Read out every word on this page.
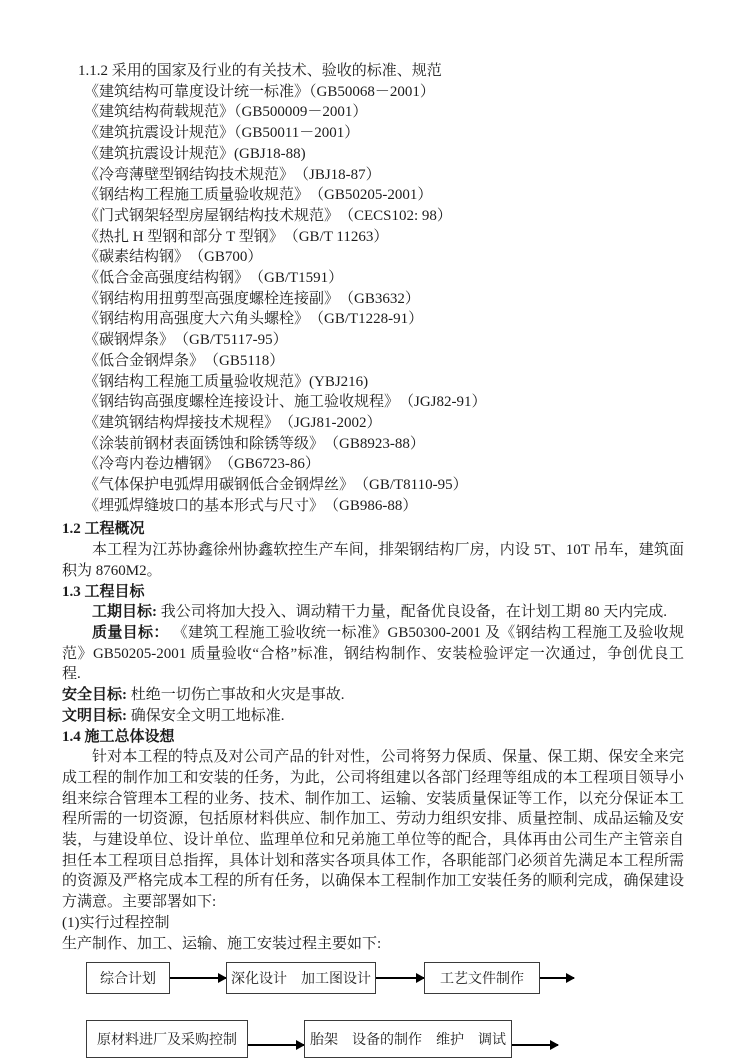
1.1.2 采用的国家及行业的有关技术、验收的标准、规范
《建筑结构可靠度设计统一标准》（GB50068－2001）
《建筑结构荷载规范》（GB500009－2001）
《建筑抗震设计规范》（GB50011－2001）
《建筑抗震设计规范》(GBJ18-88)
《冷弯薄壁型钢结钩技术规范》　（JBJ18-87）
《钢结构工程施工质量验收规范》　（GB50205-2001）
《门式钢架轻型房屋钢结构技术规范》　（CECS102: 98）
《热扎 H 型钢和部分 T 型钢》　（GB/T 11263）
《碳素结构钢》　（GB700）
《低合金高强度结构钢》　（GB/T1591）
《钢结构用扭剪型高强度螺栓连接副》　（GB3632）
《钢结构用高强度大六角头螺栓》　（GB/T1228-91）
《碳钢焊条》　（GB/T5117-95）
《低合金钢焊条》　（GB5118）
《钢结构工程施工质量验收规范》(YBJ216)
《钢结钩高强度螺栓连接设计、施工验收规程》　（JGJ82-91）
《建筑钢结构焊接技术规程》　（JGJ81-2002）
《涂装前钢材表面锈蚀和除锈等级》　（GB8923-88）
《冷弯内卷边槽钢》　（GB6723-86）
《气体保护电弧焊用碳钢低合金钢焊丝》　（GB/T8110-95）
《埋弧焊缝坡口的基本形式与尺寸》　（GB986-88）
1.2 工程概况

本工程为江苏协鑫徐州协鑫软控生产车间，排架钢结构厂房，内设 5T、10T 吊车，建筑面积为 8760M2。

1.3 工程目标

工期目标: 我公司将加大投入、调动精干力量，配备优良设备，在计划工期 80 天内完成.

质量目标： 《建筑工程施工验收统一标准》GB50300-2001 及《钢结构工程施工及验收规范》GB50205-2001 质量验收“合格”标准，钢结构制作、安装检验评定一次通过，争创优良工程.

安全目标: 杜绝一切伤亡事故和火灾是事故.

文明目标: 确保安全文明工地标准.

1.4 施工总体设想

针对本工程的特点及对公司产品的针对性，公司将努力保质、保量、保工期、保安全来完成工程的制作加工和安装的任务，为此，公司将组建以各部门经理等组成的本工程项目领导小组来综合管理本工程的业务、技术、制作加工、运输、安装质量保证等工作，以充分保证本工程所需的一切资源，包括原材料供应、制作加工、劳动力组织安排、质量控制、成品运输及安装，与建设单位、设计单位、监理单位和兄弟施工单位等的配合，具体再由公司生产主管亲自担任本工程项目总指挥，具体计划和落实各项具体工作，各职能部门必须首先满足本工程所需的资源及严格完成本工程的所有任务，以确保本工程制作加工安装任务的顺利完成，确保建设方满意。主要部署如下:

(1)实行过程控制

生产制作、加工、运输、施工安装过程主要如下:

综合计划	深化设计　加工图设计	工艺文件制作
原材料进厂及采购控制	胎架　设备的制作　维护　调试
